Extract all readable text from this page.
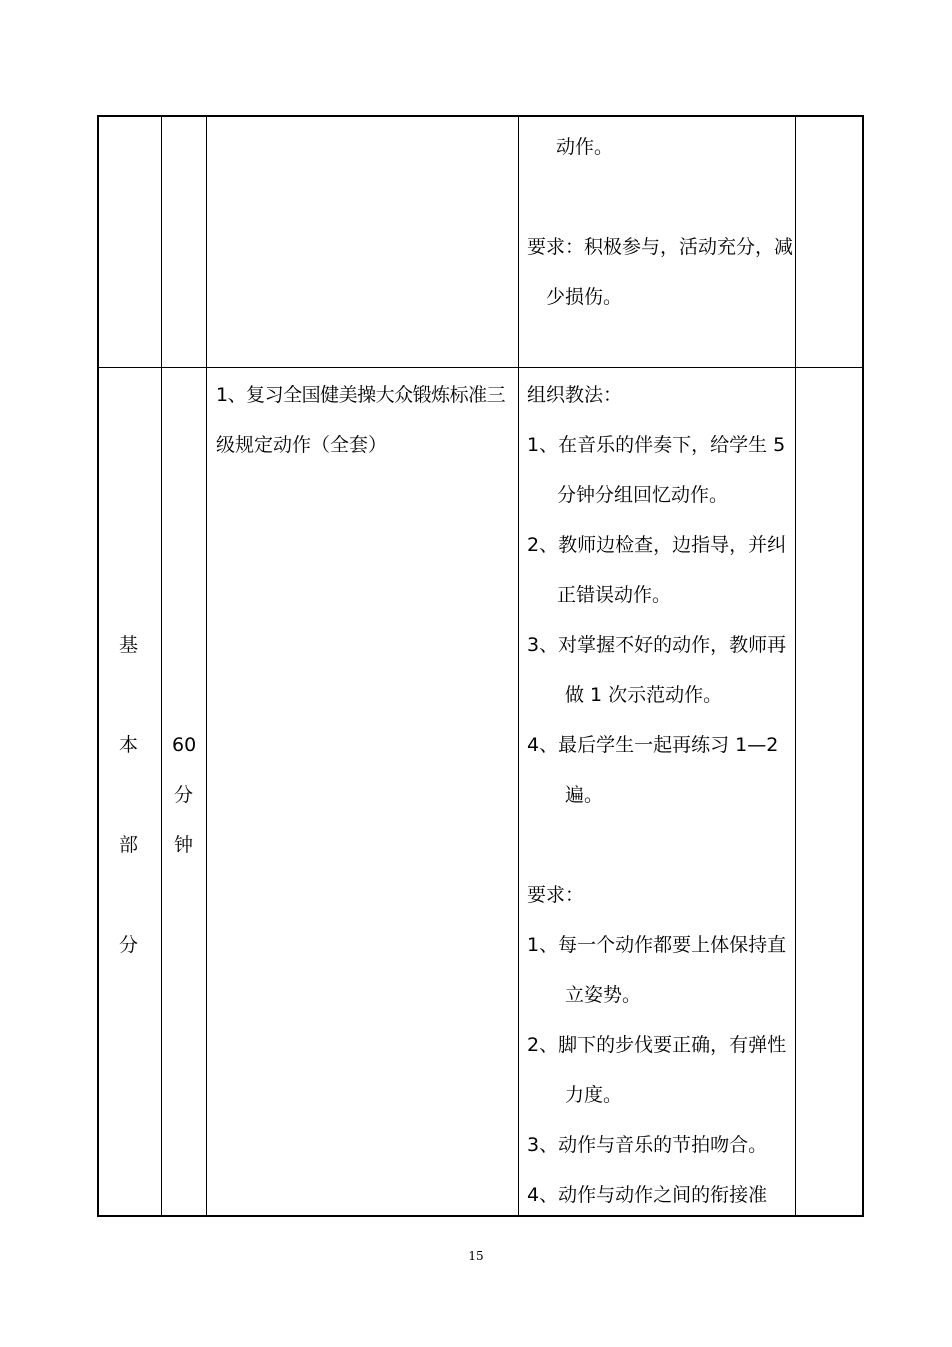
动作。
要求：积极参与，活动充分，减
少损伤。
基
本
部
分
60
分
钟
1、复习全国健美操大众锻炼标准三
级规定动作（全套）
组织教法：
1、在音乐的伴奏下，给学生 5
分钟分组回忆动作。
2、教师边检查，边指导，并纠
正错误动作。
3、对掌握不好的动作，教师再
做 1 次示范动作。
4、最后学生一起再练习 1—2
遍。
要求：
1、每一个动作都要上体保持直
立姿势。
2、脚下的步伐要正确，有弹性
力度。
3、动作与音乐的节拍吻合。
4、动作与动作之间的衔接准
15
